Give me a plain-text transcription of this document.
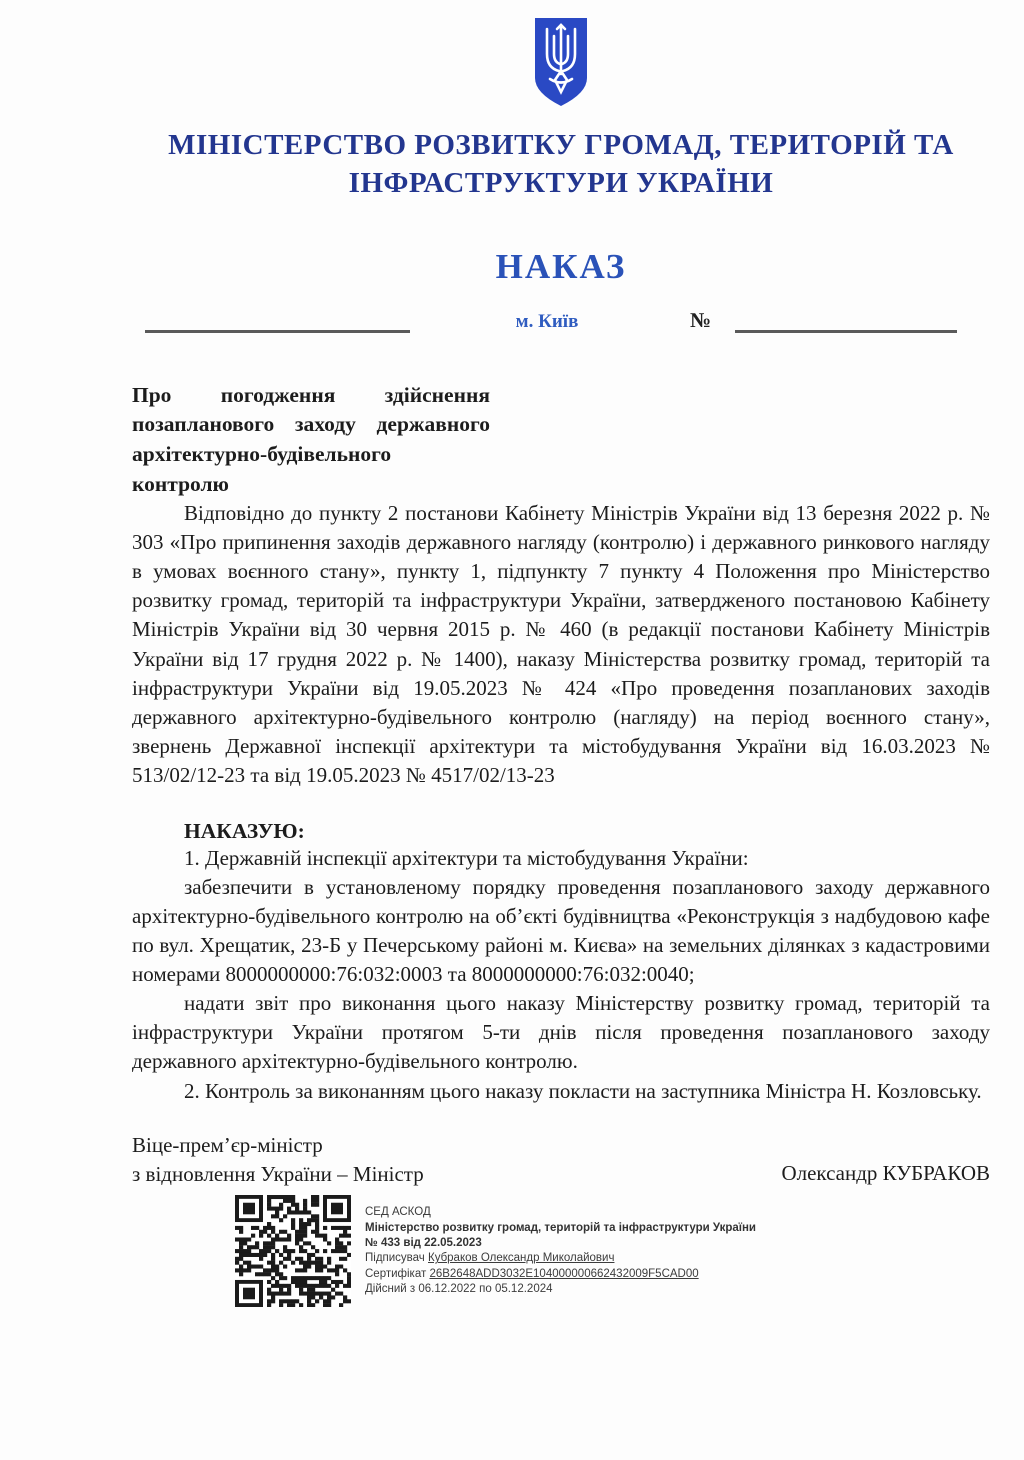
МІНІСТЕРСТВО РОЗВИТКУ ГРОМАД, ТЕРИТОРІЙ ТА ІНФРАСТРУКТУРИ УКРАЇНИ
НАКАЗ
м. Київ	№
Про погодження здійснення позапланового заходу державного архітектурно-будівельного контролю

Відповідно до пункту 2 постанови Кабінету Міністрів України від 13 березня 2022 р. № 303 «Про припинення заходів державного нагляду (контролю) і державного ринкового нагляду в умовах воєнного стану», пункту 1, підпункту 7 пункту 4 Положення про Міністерство розвитку громад, територій та інфраструктури України, затвердженого постановою Кабінету Міністрів України від 30 червня 2015 р. № 460 (в редакції постанови Кабінету Міністрів України від 17 грудня 2022 р. № 1400), наказу Міністерства розвитку громад, територій та інфраструктури України від 19.05.2023 № 424 «Про проведення позапланових заходів державного архітектурно-будівельного контролю (нагляду) на період воєнного стану», звернень Державної інспекції архітектури та містобудування України від 16.03.2023 № 513/02/12-23 та від 19.05.2023 № 4517/02/13-23

НАКАЗУЮ:

1. Державній інспекції архітектури та містобудування України:

забезпечити в установленому порядку проведення позапланового заходу державного архітектурно-будівельного контролю на об’єкті будівництва «Реконструкція з надбудовою кафе по вул. Хрещатик, 23-Б у Печерському районі м. Києва» на земельних ділянках з кадастровими номерами 8000000000:76:032:0003 та 8000000000:76:032:0040;

надати звіт про виконання цього наказу Міністерству розвитку громад, територій та інфраструктури України протягом 5-ти днів після проведення позапланового заходу державного архітектурно-будівельного контролю.

2. Контроль за виконанням цього наказу покласти на заступника Міністра Н. Козловську.

Віце-прем’єр-міністр
з відновлення України – Міністр	Олександр КУБРАКОВ
СЕД АСКОД
Міністерство розвитку громад, територій та інфраструктури України
№ 433 від 22.05.2023
Підписувач Кубраков Олександр Миколайович
Сертифікат 26B2648ADD3032E104000000662432009F5CAD00
Дійсний з 06.12.2022 по 05.12.2024
